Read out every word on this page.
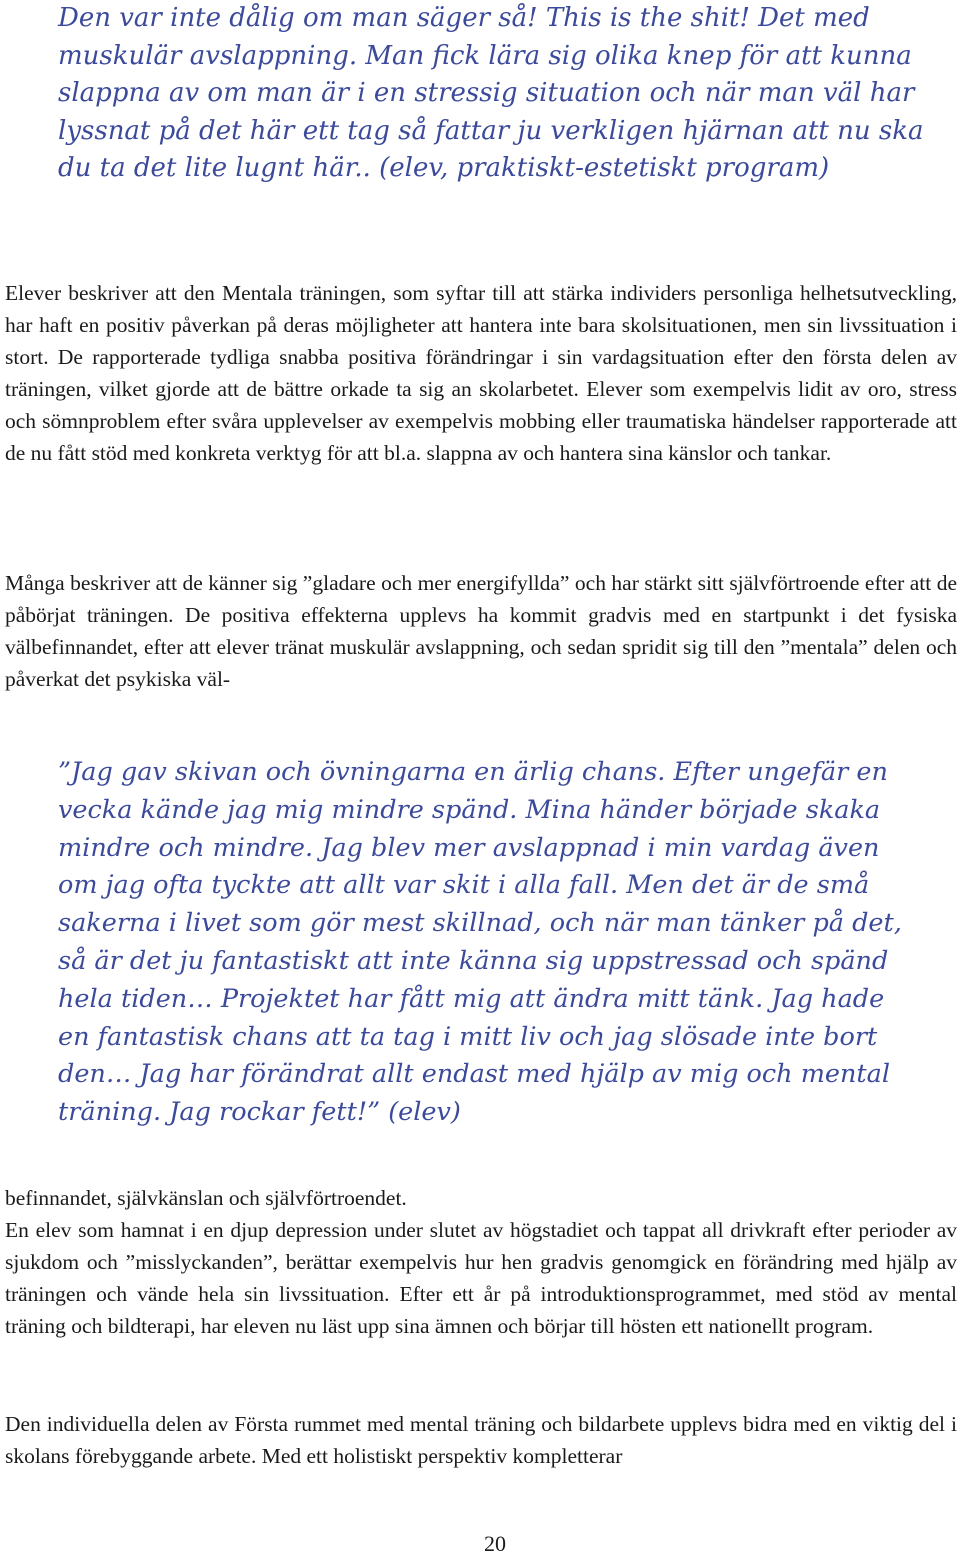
Den var inte dålig om man säger så! This is the shit! Det med muskulär avslappning. Man fick lära sig olika knep för att kunna slappna av om man är i en stressig situation och när man väl har lyssnat på det här ett tag så fattar ju verkligen hjärnan att nu ska du ta det lite lugnt här.. (elev, praktiskt-estetiskt program)

Elever beskriver att den Mentala träningen, som syftar till att stärka individers personliga helhetsutveckling, har haft en positiv påverkan på deras möjligheter att hantera inte bara skolsituationen, men sin livssituation i stort. De rapporterade tydliga snabba positiva förändringar i sin vardagsituation efter den första delen av träningen, vilket gjorde att de bättre orkade ta sig an skolarbetet. Elever som exempelvis lidit av oro, stress och sömnproblem efter svåra upplevelser av exempelvis mobbing eller traumatiska händelser rapporterade att de nu fått stöd med konkreta verktyg för att bl.a. slappna av och hantera sina känslor och tankar.

Många beskriver att de känner sig ”gladare och mer energifyllda” och har stärkt sitt självförtroende efter att de påbörjat träningen. De positiva effekterna upplevs ha kommit gradvis med en startpunkt i det fysiska välbefinnandet, efter att elever tränat muskulär avslappning, och sedan spridit sig till den ”mentala” delen och påverkat det psykiska väl-

”Jag gav skivan och övningarna en ärlig chans. Efter ungefär en vecka kände jag mig mindre spänd. Mina händer började skaka mindre och mindre. Jag blev mer avslappnad i min vardag även om jag ofta tyckte att allt var skit i alla fall. Men det är de små sakerna i livet som gör mest skillnad, och när man tänker på det, så är det ju fantastiskt att inte känna sig uppstressad och spänd hela tiden… Projektet har fått mig att ändra mitt tänk. Jag hade en fantastisk chans att ta tag i mitt liv och jag slösade inte bort den… Jag har förändrat allt endast med hjälp av mig och mental träning. Jag rockar fett!” (elev)

befinnandet, självkänslan och självförtroendet.
En elev som hamnat i en djup depression under slutet av högstadiet och tappat all drivkraft efter perioder av sjukdom och ”misslyckanden”, berättar exempelvis hur hen gradvis genomgick en förändring med hjälp av träningen och vände hela sin livssituation. Efter ett år på introduktionsprogrammet, med stöd av mental träning och bildterapi, har eleven nu läst upp sina ämnen och börjar till hösten ett nationellt program.

Den individuella delen av Första rummet med mental träning och bildarbete upplevs bidra med en viktig del i skolans förebyggande arbete. Med ett holistiskt perspektiv kompletterar

20
